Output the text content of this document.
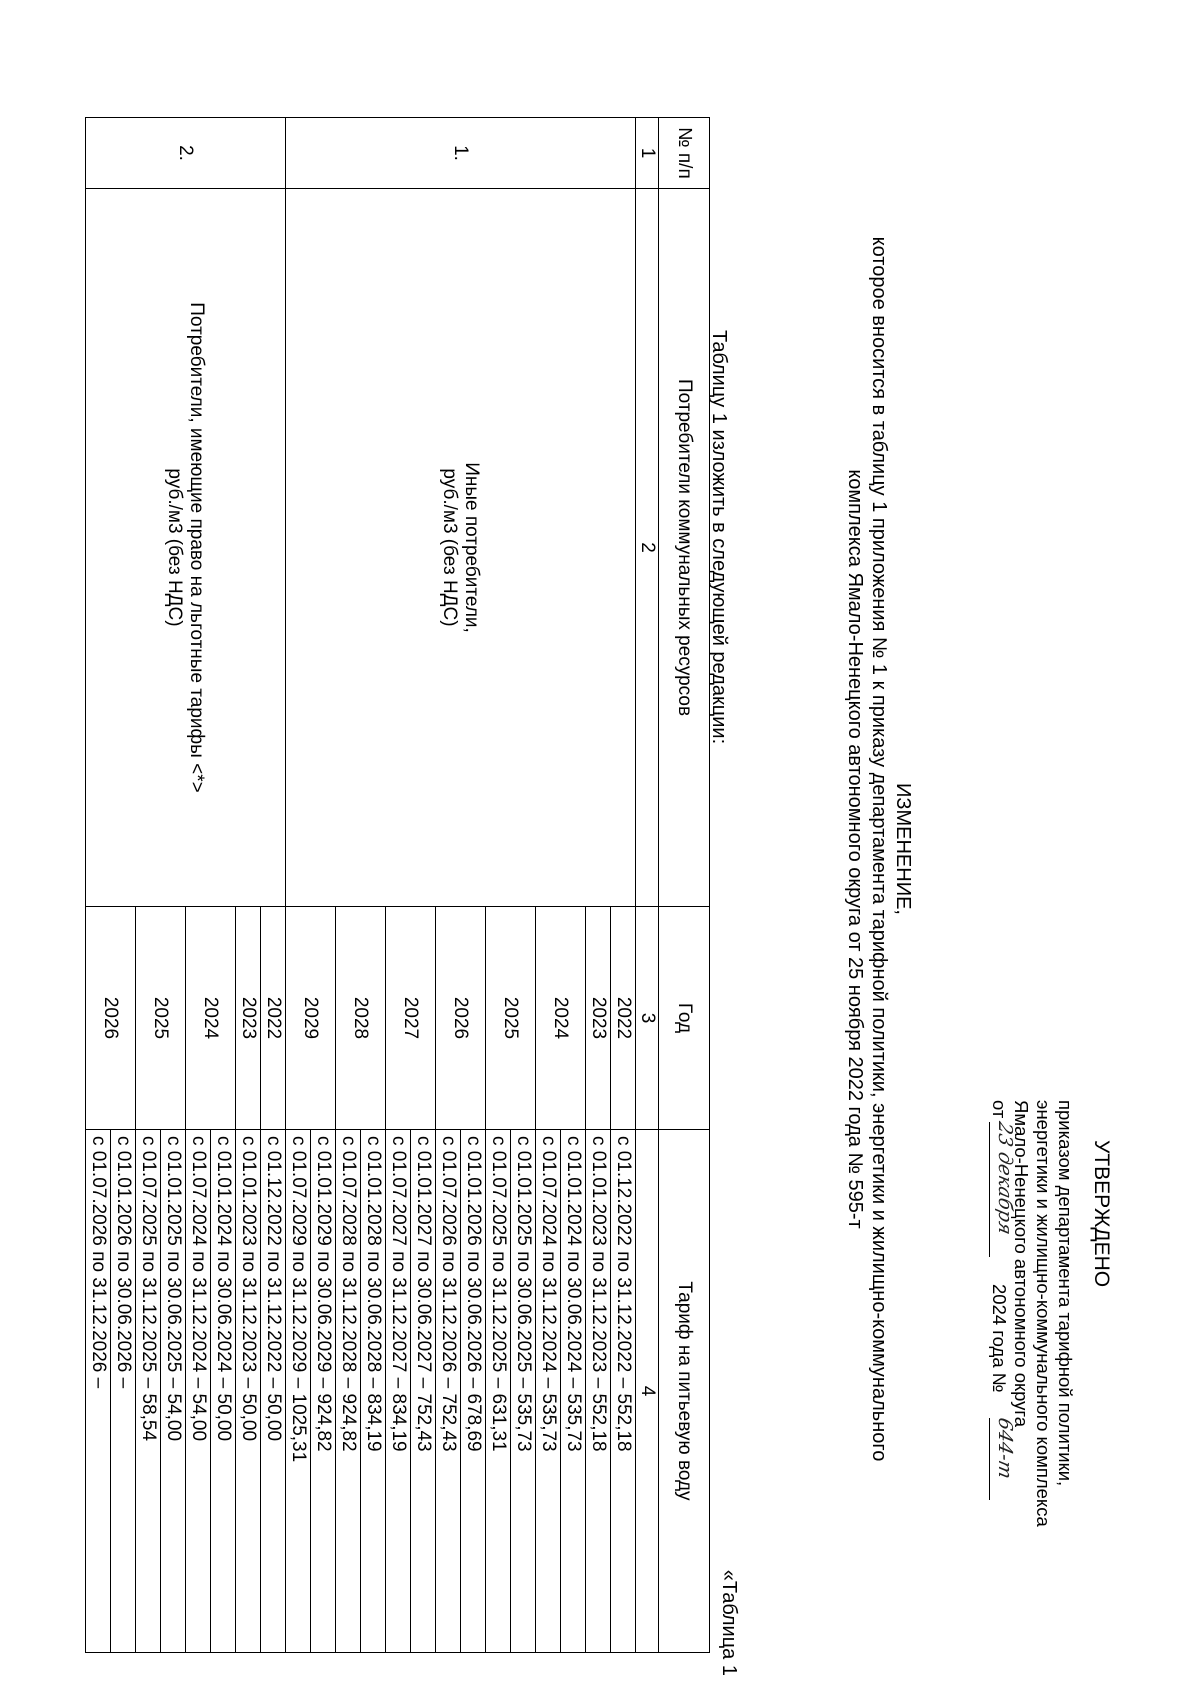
УТВЕРЖДЕНО
приказом департамента тарифной политики,
энергетики и жилищно-коммунального комплекса
Ямало-Ненецкого автономного округа
от
23 декабря
2024 года №
644-т
ИЗМЕНЕНИЕ,
которое вносится в таблицу 1 приложения № 1 к приказу департамента тарифной политики, энергетики и жилищно-коммунального
комплекса Ямало-Ненецкого автономного округа от 25 ноября 2022 года № 595-т
Таблицу 1 изложить в следующей редакции:
«Таблица 1
№ п/п	Потребители коммунальных ресурсов	Год	Тариф на питьевую воду
1	2	3	4
1.	Иные потребители,
руб./м3 (без НДС)	2022	с 01.12.2022 по 31.12.2022 – 552,18
		2023	с 01.01.2023 по 31.12.2023 – 552,18
		2024	с 01.01.2024 по 30.06.2024 – 535,73
			с 01.07.2024 по 31.12.2024 – 535,73
		2025	с 01.01.2025 по 30.06.2025 – 535,73
			с 01.07.2025 по 31.12.2025 – 631,31
		2026	с 01.01.2026 по 30.06.2026 – 678,69
			с 01.07.2026 по 31.12.2026 – 752,43
		2027	с 01.01.2027 по 30.06.2027 – 752,43
			с 01.07.2027 по 31.12.2027 – 834,19
		2028	с 01.01.2028 по 30.06.2028 – 834,19
			с 01.07.2028 по 31.12.2028 – 924,82
		2029	с 01.01.2029 по 30.06.2029 – 924,82
			с 01.07.2029 по 31.12.2029 – 1025,31
2.	Потребители, имеющие право на льготные тарифы <*>
руб./м3 (без НДС)	2022	с 01.12.2022 по 31.12.2022 – 50,00
		2023	с 01.01.2023 по 31.12.2023 – 50,00
		2024	с 01.01.2024 по 30.06.2024 – 50,00
			с 01.07.2024 по 31.12.2024 – 54,00
		2025	с 01.01.2025 по 30.06.2025 – 54,00
			с 01.07.2025 по 31.12.2025 – 58,54
		2026	с 01.01.2026 по 30.06.2026 –
			с 01.07.2026 по 31.12.2026 –
